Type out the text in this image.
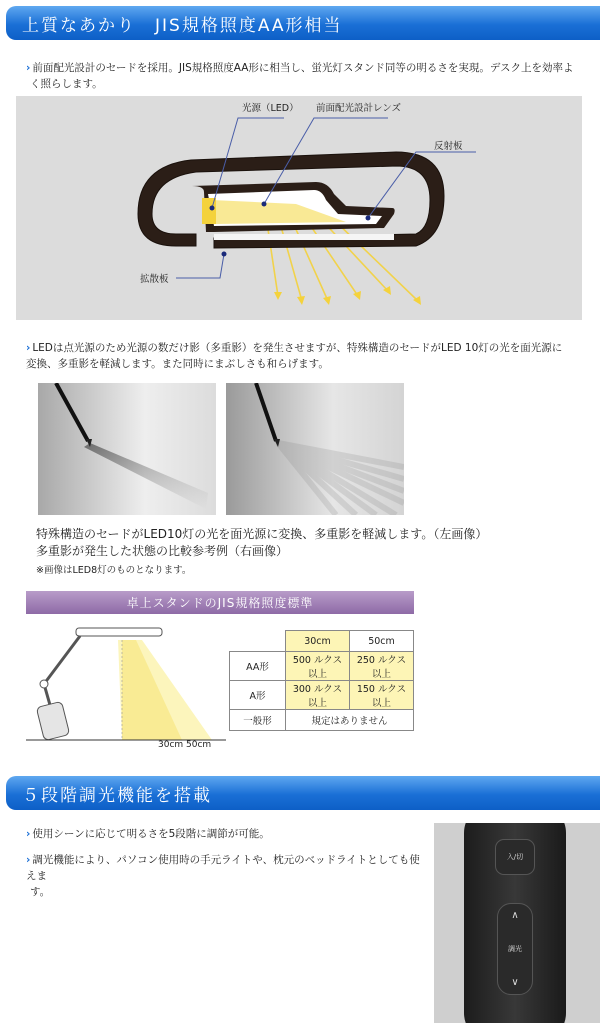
上質なあかり　JIS規格照度AA形相当
› 前面配光設計のセードを採用。JIS規格照度AA形に相当し、蛍光灯スタンド同等の明るさを実現。デスク上を効率よ
く照らします。
光源（LED） 前面配光設計レンズ
反射板
拡散板
› LEDは点光源のため光源の数だけ影（多重影）を発生させますが、特殊構造のセードがLED 10灯の光を面光源に
変換、多重影を軽減します。また同時にまぶしさも和らげます。
特殊構造のセードがLED10灯の光を面光源に変換、多重影を軽減します。（左画像）
多重影が発生した状態の比較参考例（右画像）
※画像はLED8灯のものとなります。
卓上スタンドのJIS規格照度標準
30cm 50cm
	30cm	50cm
AA形	500 ルクス以上	250 ルクス以上
A形	300 ルクス以上	150 ルクス以上
一般形	規定はありません	
５段階調光機能を搭載
› 使用シーンに応じて明るさを5段階に調節が可能。
› 調光機能により、パソコン使用時の手元ライトや、枕元のベッドライトとしても使えま
す。
入/切
∧
調光
∨
